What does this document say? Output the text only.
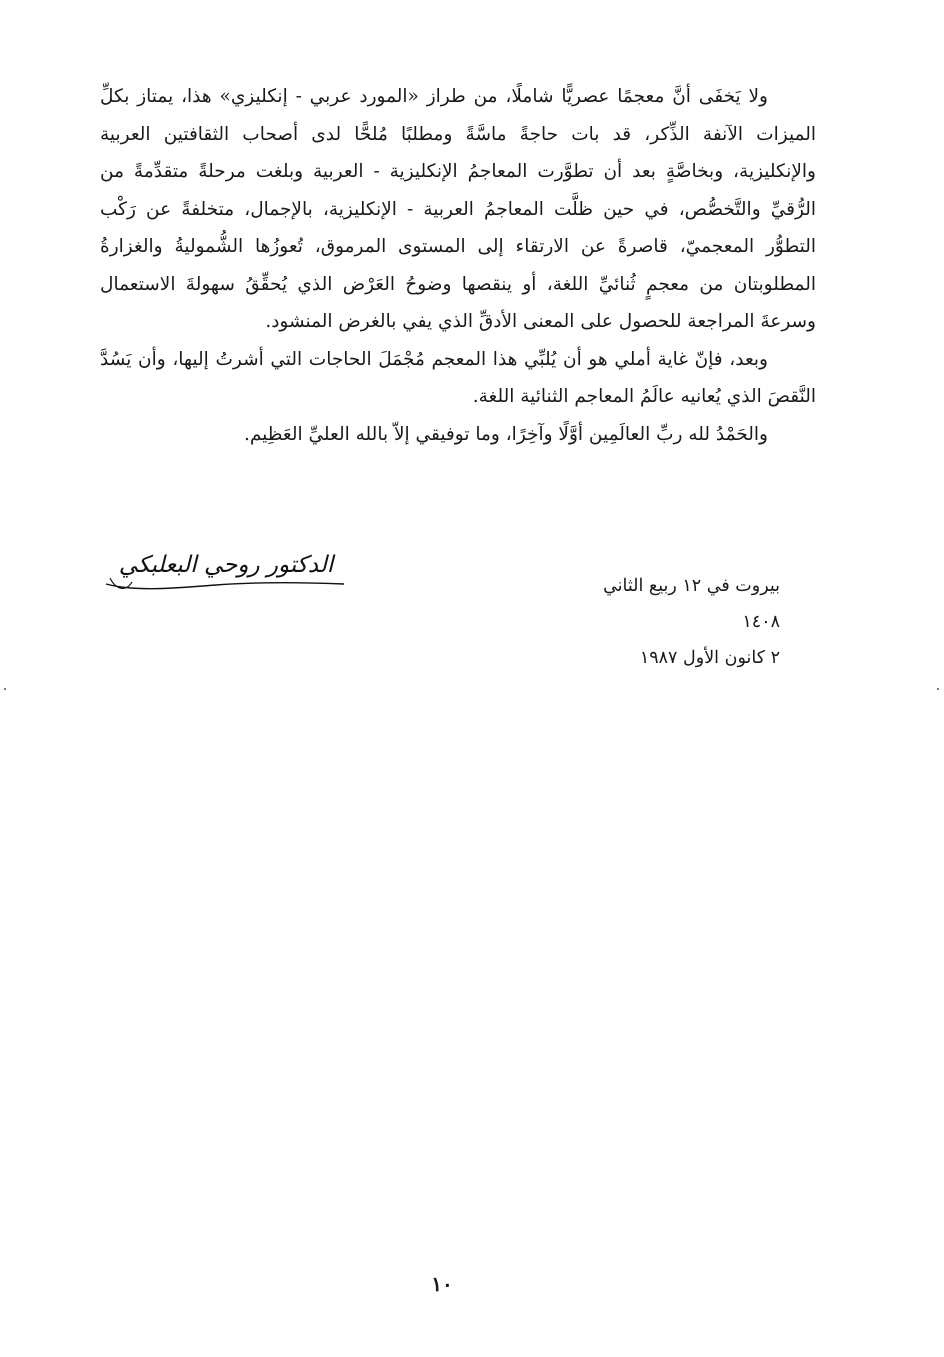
ولا يَخفَى أنَّ معجمًا عصريًّا شاملًا، من طراز «المورد عربي - إنكليزي» هذا، يمتاز بكلِّ الميزات الآنفة الذِّكر، قد بات حاجةً ماسَّةً ومطلبًا مُلحًّا لدى أصحاب الثقافتين العربية والإنكليزية، وبخاصَّةٍ بعد أن تطوَّرت المعاجمُ الإنكليزية - العربية وبلغت مرحلةً متقدِّمةً من الرُّقيِّ والتَّخصُّص، في حين ظلَّت المعاجمُ العربية - الإنكليزية، بالإجمال، متخلفةً عن رَكْب التطوُّر المعجميّ، قاصرةً عن الارتقاء إلى المستوى المرموق، تُعوزُها الشُّموليةُ والغزارةُ المطلوبتان من معجمٍ ثُنائيِّ اللغة، أو ينقصها وضوحُ العَرْض الذي يُحقِّقُ سهولةَ الاستعمال وسرعةَ المراجعة للحصول على المعنى الأدقِّ الذي يفي بالغرض المنشود.

وبعد، فإنّ غاية أملي هو أن يُلبِّي هذا المعجم مُجْمَلَ الحاجات التي أشرتُ إليها، وأن يَسُدَّ النَّقصَ الذي يُعانيه عالَمُ المعاجم الثنائية اللغة.

والحَمْدُ لله ربِّ العالَمِين أوَّلًا وآخِرًا، وما توفيقي إلاّ بالله العليِّ العَظِيم.

الدكتور روحي البعلبكي
بيروت في ١٢ ربيع الثاني ١٤٠٨
٢ كانون الأول ١٩٨٧
١٠
